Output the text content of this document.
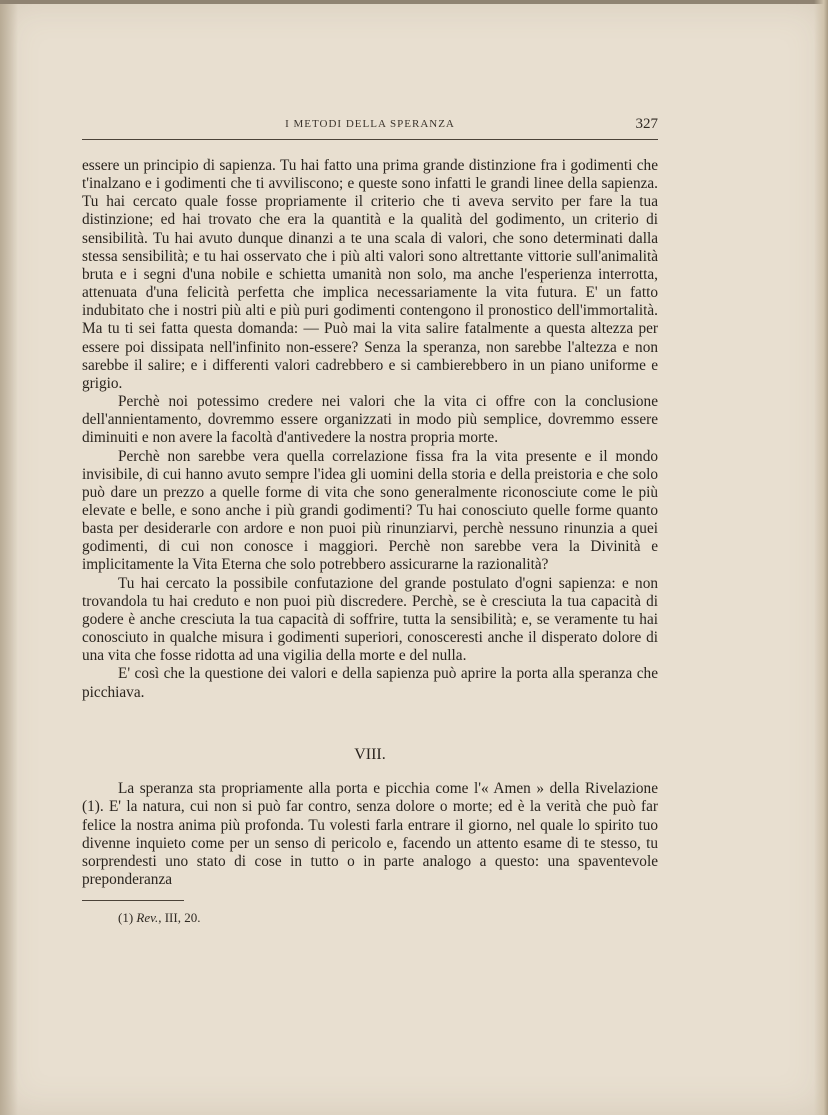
I METODI DELLA SPERANZA	327

essere un principio di sapienza. Tu hai fatto una prima grande distinzione fra i godimenti che t'inalzano e i godimenti che ti avviliscono; e queste sono infatti le grandi linee della sapienza. Tu hai cercato quale fosse propriamente il criterio che ti aveva servito per fare la tua distinzione; ed hai trovato che era la quantità e la qualità del godimento, un criterio di sensibilità. Tu hai avuto dunque dinanzi a te una scala di valori, che sono determinati dalla stessa sensibilità; e tu hai osservato che i più alti valori sono altrettante vittorie sull'animalità bruta e i segni d'una nobile e schietta umanità non solo, ma anche l'esperienza interrotta, attenuata d'una felicità perfetta che implica necessariamente la vita futura. E' un fatto indubitato che i nostri più alti e più puri godimenti contengono il pronostico dell'immortalità. Ma tu ti sei fatta questa domanda: — Può mai la vita salire fatalmente a questa altezza per essere poi dissipata nell'infinito non-essere? Senza la speranza, non sarebbe l'altezza e non sarebbe il salire; e i differenti valori cadrebbero e si cambierebbero in un piano uniforme e grigio.

Perchè noi potessimo credere nei valori che la vita ci offre con la conclusione dell'annientamento, dovremmo essere organizzati in modo più semplice, dovremmo essere diminuiti e non avere la facoltà d'antivedere la nostra propria morte.

Perchè non sarebbe vera quella correlazione fissa fra la vita presente e il mondo invisibile, di cui hanno avuto sempre l'idea gli uomini della storia e della preistoria e che solo può dare un prezzo a quelle forme di vita che sono generalmente riconosciute come le più elevate e belle, e sono anche i più grandi godimenti? Tu hai conosciuto quelle forme quanto basta per desiderarle con ardore e non puoi più rinunziarvi, perchè nessuno rinunzia a quei godimenti, di cui non conosce i maggiori. Perchè non sarebbe vera la Divinità e implicitamente la Vita Eterna che solo potrebbero assicurarne la razionalità?

Tu hai cercato la possibile confutazione del grande postulato d'ogni sapienza: e non trovandola tu hai creduto e non puoi più discredere. Perchè, se è cresciuta la tua capacità di godere è anche cresciuta la tua capacità di soffrire, tutta la sensibilità; e, se veramente tu hai conosciuto in qualche misura i godimenti superiori, conosceresti anche il disperato dolore di una vita che fosse ridotta ad una vigilia della morte e del nulla.

E' così che la questione dei valori e della sapienza può aprire la porta alla speranza che picchiava.

VIII.

La speranza sta propriamente alla porta e picchia come l'« Amen » della Rivelazione (1). E' la natura, cui non si può far contro, senza dolore o morte; ed è la verità che può far felice la nostra anima più profonda. Tu volesti farla entrare il giorno, nel quale lo spirito tuo divenne inquieto come per un senso di pericolo e, facendo un attento esame di te stesso, tu sorprendesti uno stato di cose in tutto o in parte analogo a questo: una spaventevole preponderanza

(1) Rev., III, 20.
